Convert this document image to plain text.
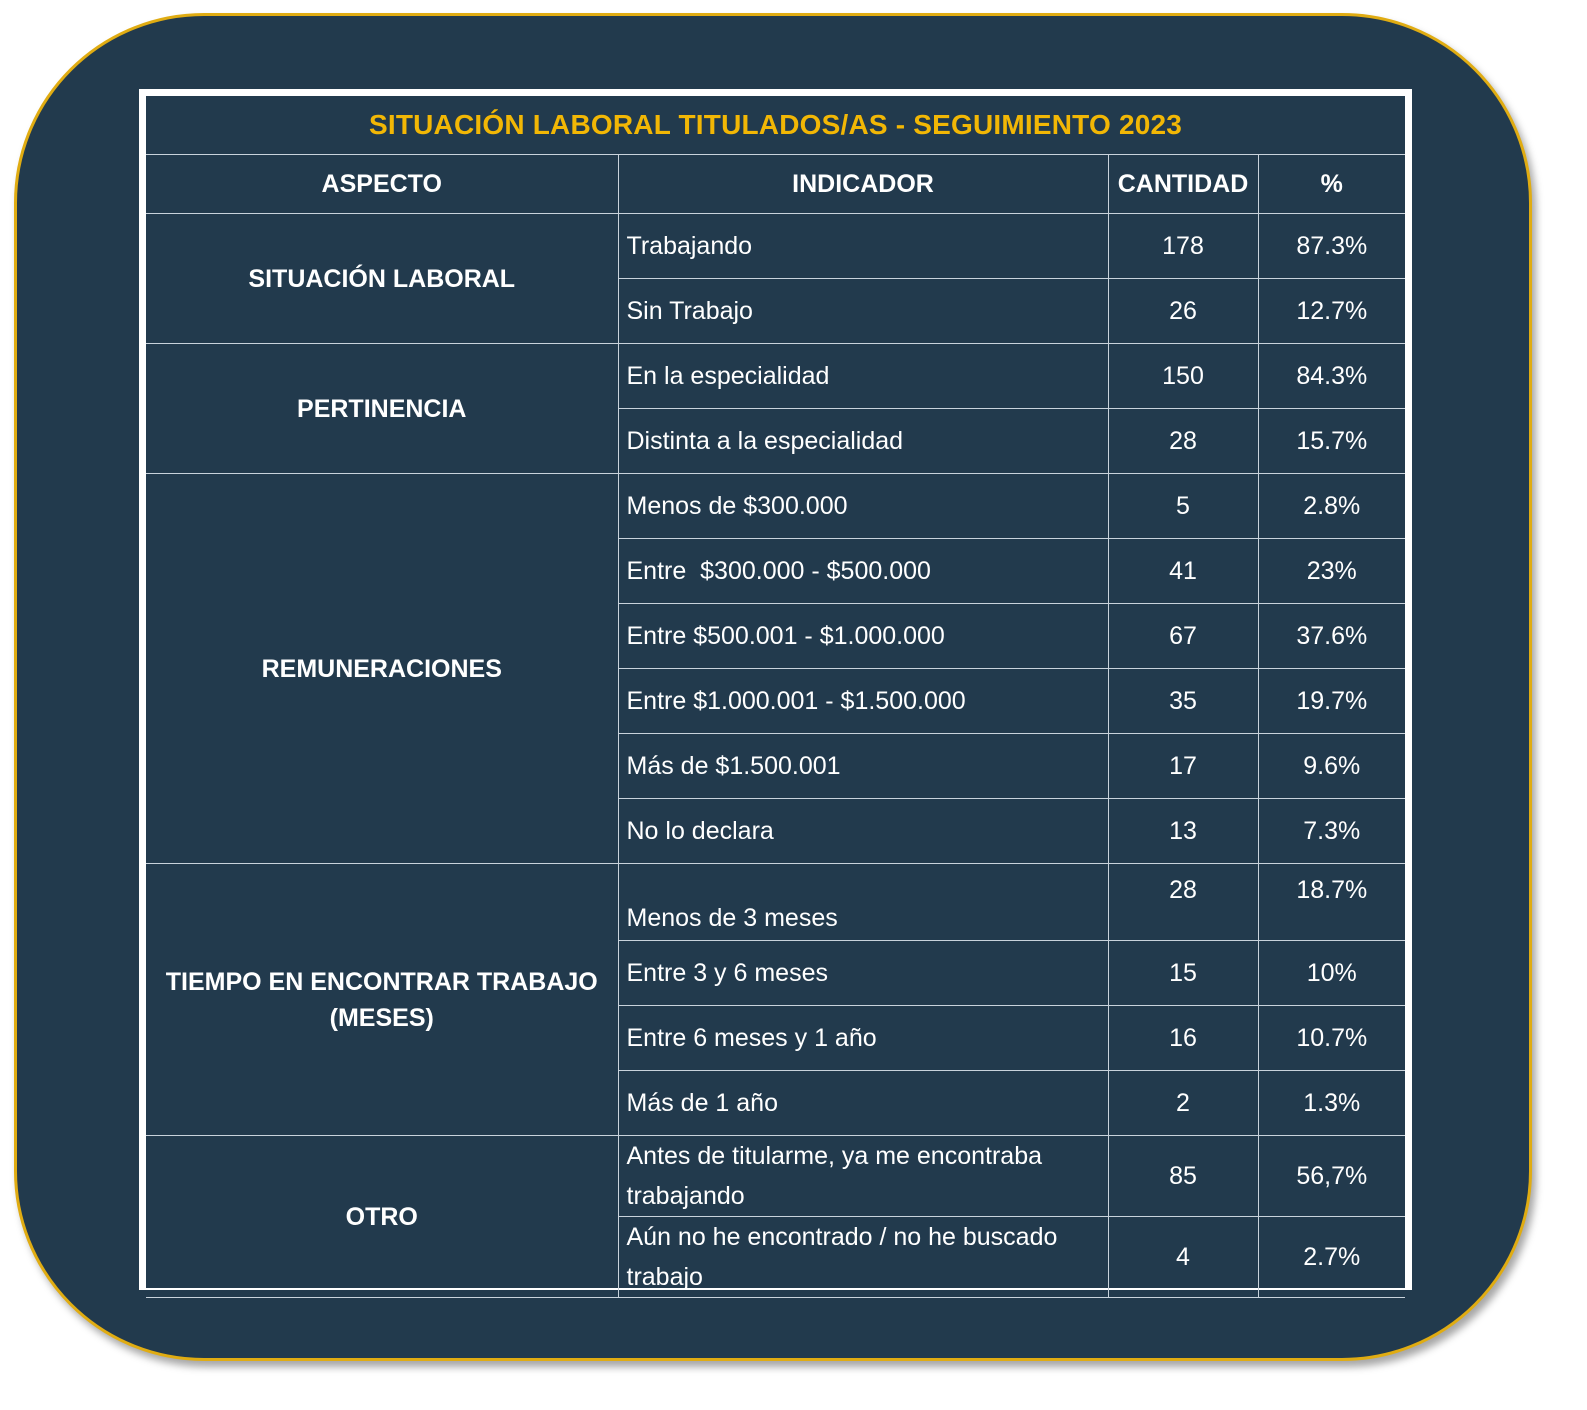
SITUACIÓN LABORAL TITULADOS/AS - SEGUIMIENTO 2023			
ASPECTO	INDICADOR	CANTIDAD	%
SITUACIÓN LABORAL	Trabajando	178	87.3%
	Sin Trabajo	26	12.7%
PERTINENCIA	En la especialidad	150	84.3%
	Distinta a la especialidad	28	15.7%
REMUNERACIONES	Menos de $300.000	5	2.8%
	Entre  $300.000 - $500.000	41	23%
	Entre $500.001 - $1.000.000	67	37.6%
	Entre $1.000.001 - $1.500.000	35	19.7%
	Más de $1.500.001	17	9.6%
	No lo declara	13	7.3%
TIEMPO EN ENCONTRAR TRABAJO (MESES)	Menos de 3 meses	28	18.7%
	Entre 3 y 6 meses	15	10%
	Entre 6 meses y 1 año	16	10.7%
	Más de 1 año	2	1.3%
OTRO	Antes de titularme, ya me encontraba trabajando	85	56,7%
	Aún no he encontrado / no he buscado trabajo	4	2.7%
